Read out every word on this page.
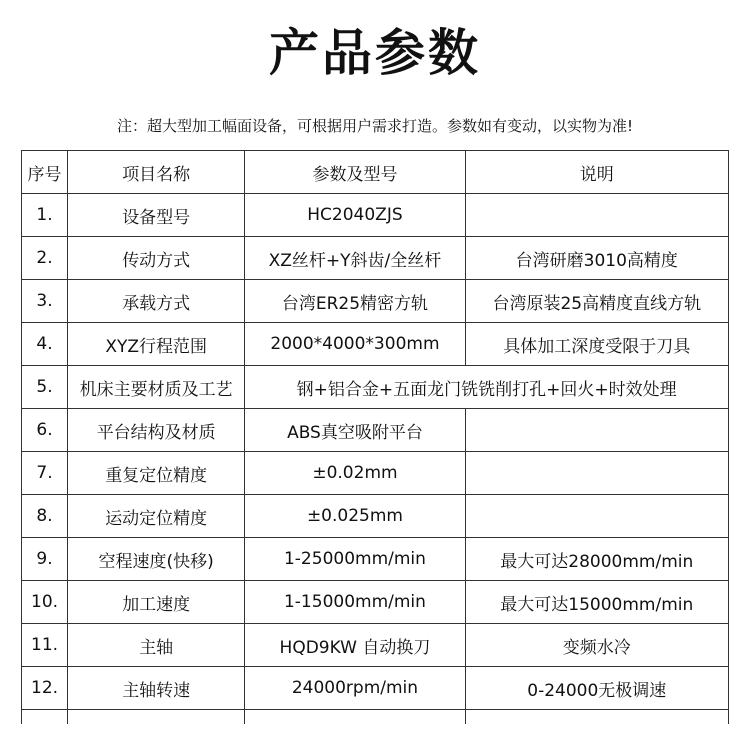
产品参数
注：超大型加工幅面设备，可根据用户需求打造。参数如有变动，以实物为准!
序号	项目名称	参数及型号	说明
1.	设备型号	HC2040ZJS	
2.	传动方式	XZ丝杆+Y斜齿/全丝杆	台湾研磨3010高精度
3.	承载方式	台湾ER25精密方轨	台湾原装25高精度直线方轨
4.	XYZ行程范围	2000*4000*300mm	具体加工深度受限于刀具
5.	机床主要材质及工艺	钢+铝合金+五面龙门铣铣削打孔+回火+时效处理	
6.	平台结构及材质	ABS真空吸附平台	
7.	重复定位精度	±0.02mm	
8.	运动定位精度	±0.025mm	
9.	空程速度(快移)	1-25000mm/min	最大可达28000mm/min
10.	加工速度	1-15000mm/min	最大可达15000mm/min
11.	主轴	HQD9KW 自动换刀	变频水冷
12.	主轴转速	24000rpm/min	0-24000无极调速
